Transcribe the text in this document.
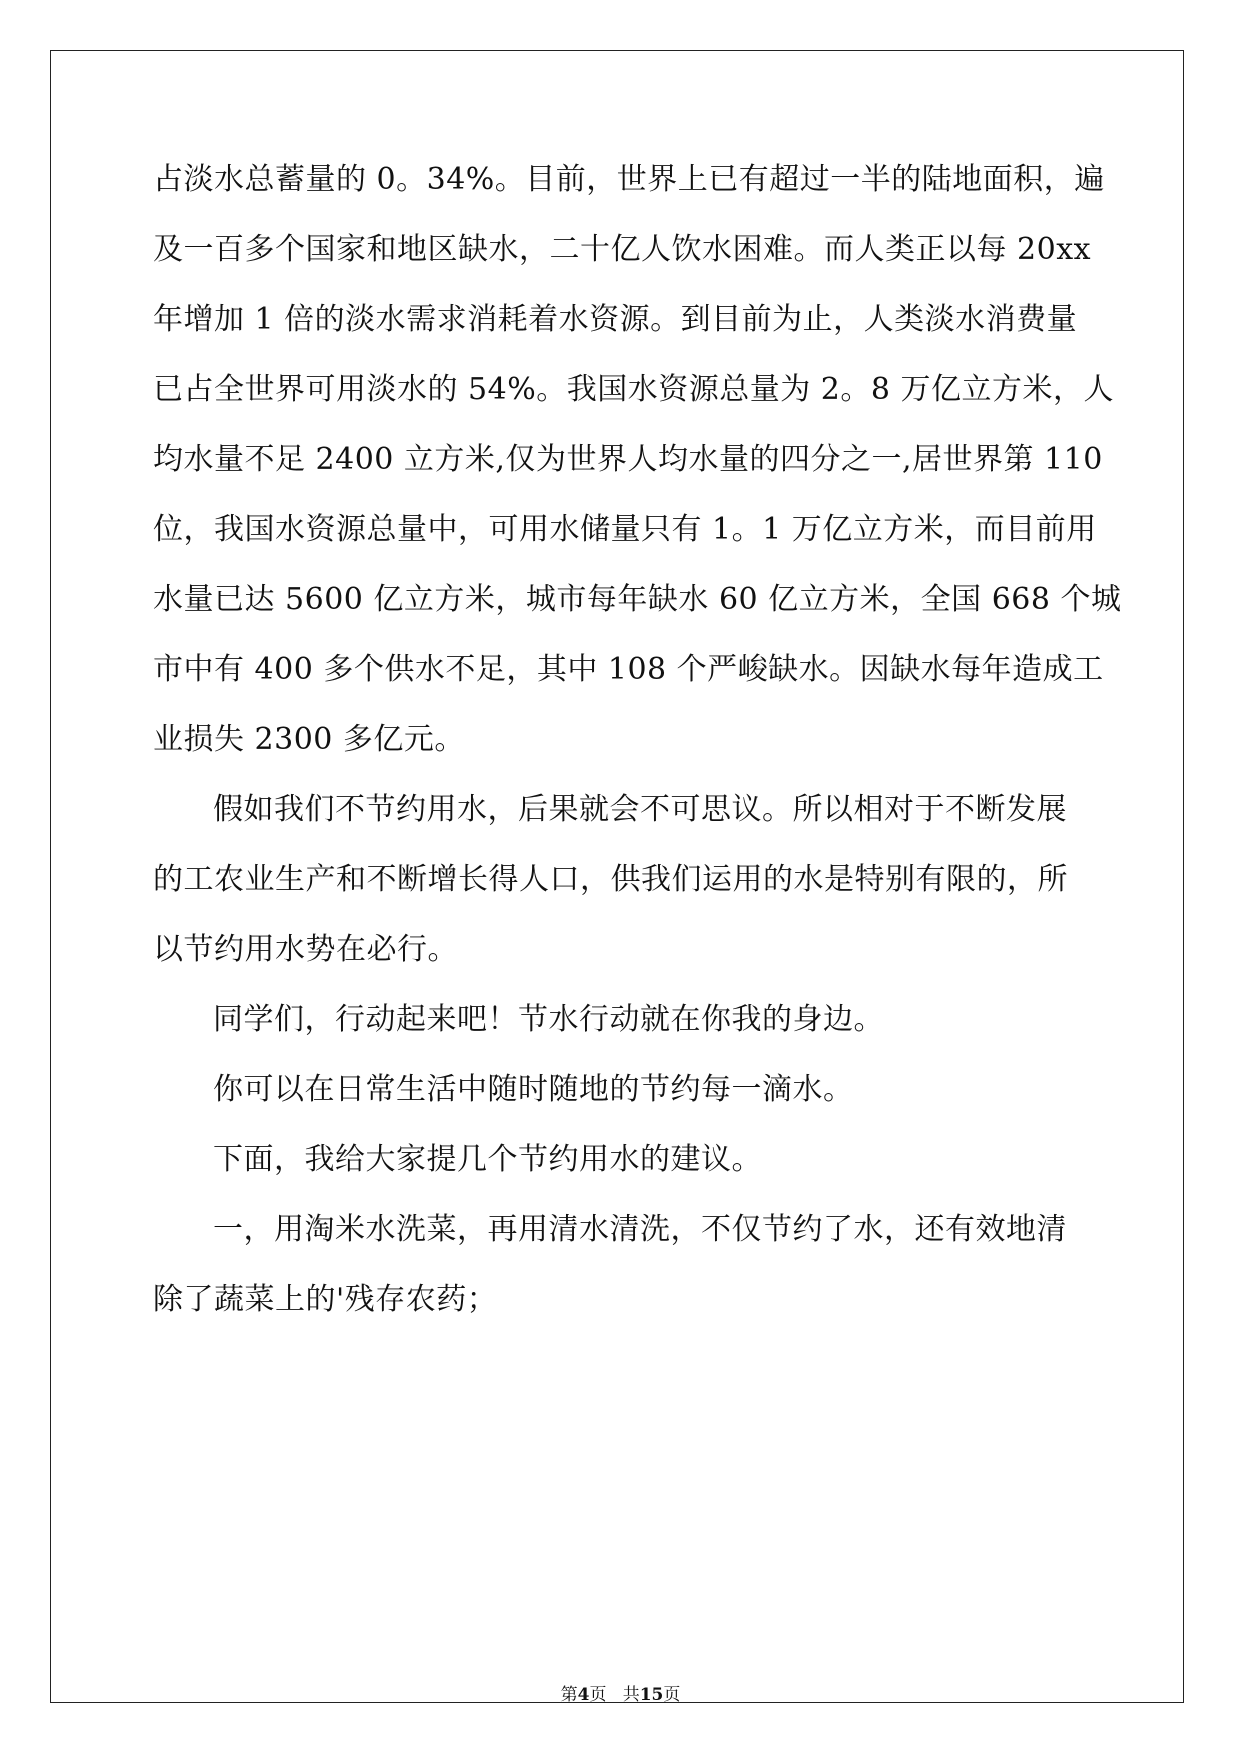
占淡水总蓄量的 0。34%。目前，世界上已有超过一半的陆地面积，遍
及一百多个国家和地区缺水，二十亿人饮水困难。而人类正以每 20xx
年增加 1 倍的淡水需求消耗着水资源。到目前为止，人类淡水消费量
已占全世界可用淡水的 54%。我国水资源总量为 2。8 万亿立方米，人
均水量不足 2400 立方米,仅为世界人均水量的四分之一,居世界第 110
位，我国水资源总量中，可用水储量只有 1。1 万亿立方米，而目前用
水量已达 5600 亿立方米，城市每年缺水 60 亿立方米，全国 668 个城
市中有 400 多个供水不足，其中 108 个严峻缺水。因缺水每年造成工
业损失 2300 多亿元。
假如我们不节约用水，后果就会不可思议。所以相对于不断发展
的工农业生产和不断增长得人口，供我们运用的水是特别有限的，所
以节约用水势在必行。
同学们，行动起来吧！节水行动就在你我的身边。
你可以在日常生活中随时随地的节约每一滴水。
下面，我给大家提几个节约用水的建议。
一，用淘米水洗菜，再用清水清洗，不仅节约了水，还有效地清
除了蔬菜上的'残存农药；
第4页 共15页
